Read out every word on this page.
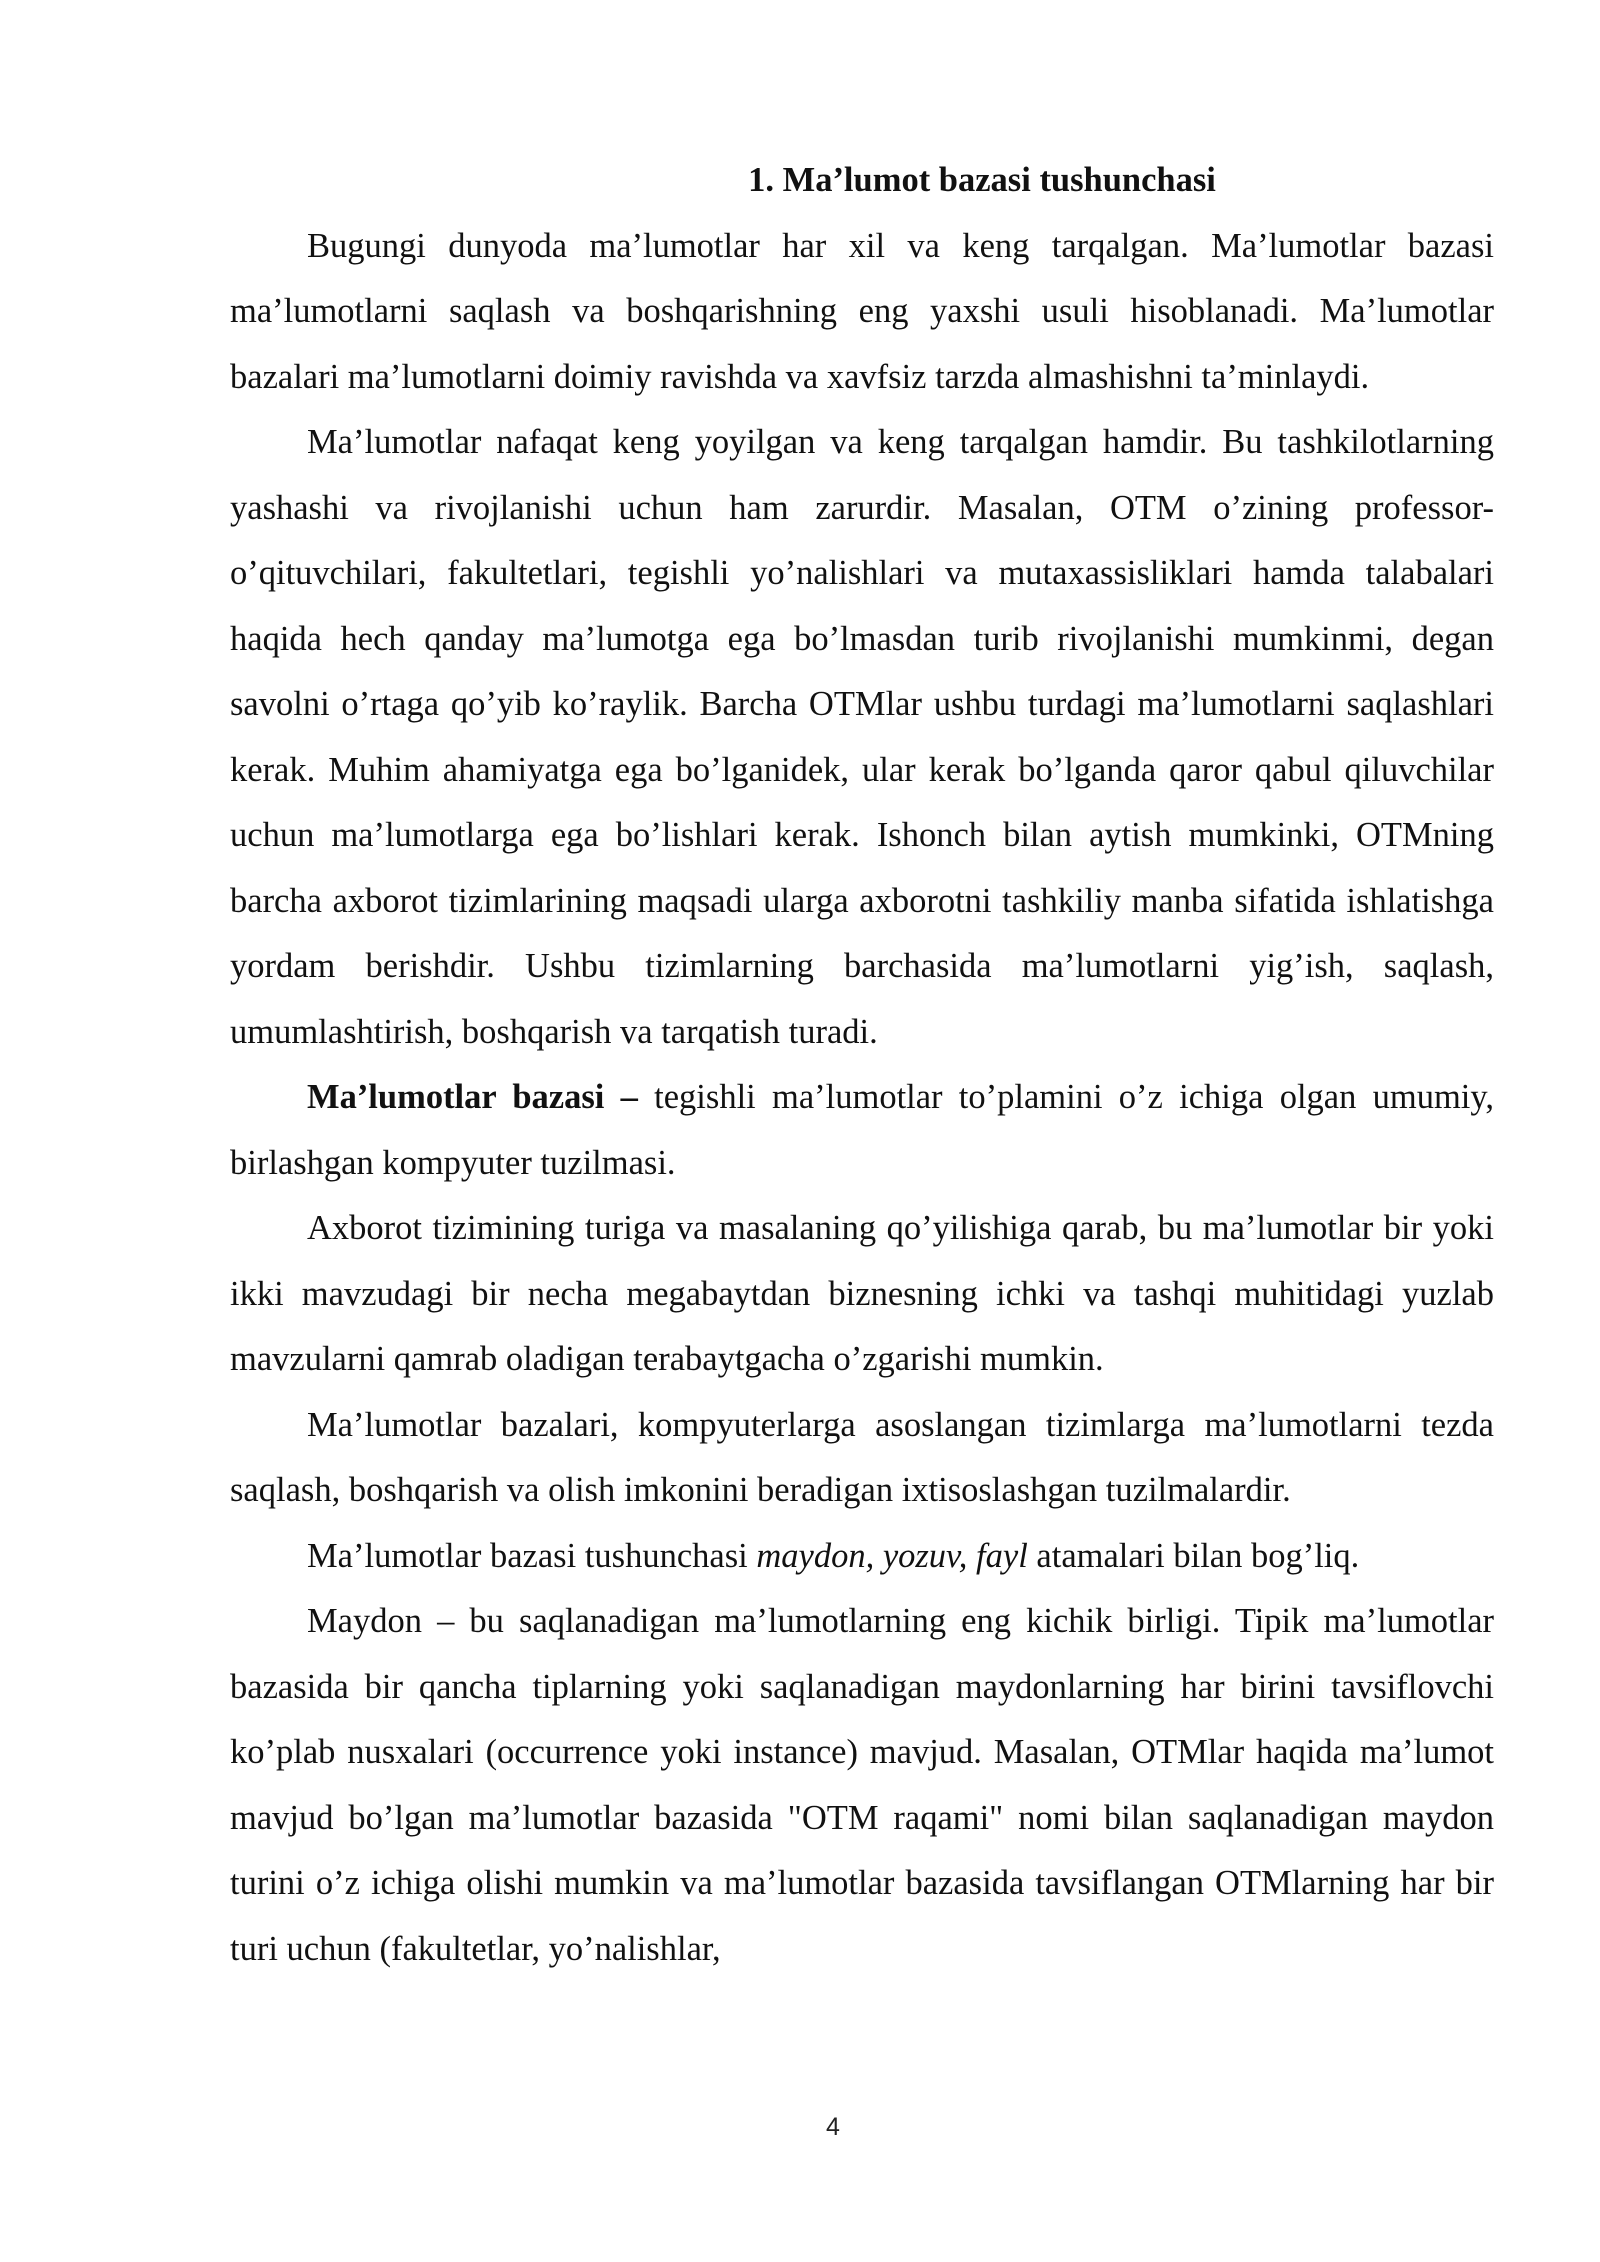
1. Ma’lumot bazasi tushunchasi

Bugungi dunyoda ma’lumotlar har xil va keng tarqalgan. Ma’lumotlar bazasi ma’lumotlarni saqlash va boshqarishning eng yaxshi usuli hisoblanadi. Ma’lumotlar bazalari ma’lumotlarni doimiy ravishda va xavfsiz tarzda almashishni ta’minlaydi.

Ma’lumotlar nafaqat keng yoyilgan va keng tarqalgan hamdir. Bu tashkilotlarning yashashi va rivojlanishi uchun ham zarurdir. Masalan, OTM o’zining professor-o’qituvchilari, fakultetlari, tegishli yo’nalishlari va mutaxassisliklari hamda talabalari haqida hech qanday ma’lumotga ega bo’lmasdan turib rivojlanishi mumkinmi, degan savolni o’rtaga qo’yib ko’raylik. Barcha OTMlar ushbu turdagi ma’lumotlarni saqlashlari kerak. Muhim ahamiyatga ega bo’lganidek, ular kerak bo’lganda qaror qabul qiluvchilar uchun ma’lumotlarga ega bo’lishlari kerak. Ishonch bilan aytish mumkinki, OTMning barcha axborot tizimlarining maqsadi ularga axborotni tashkiliy manba sifatida ishlatishga yordam berishdir. Ushbu tizimlarning barchasida ma’lumotlarni yig’ish, saqlash, umumlashtirish, boshqarish va tarqatish turadi.

Ma’lumotlar bazasi – tegishli ma’lumotlar to’plamini o’z ichiga olgan umumiy, birlashgan kompyuter tuzilmasi.

Axborot tizimining turiga va masalaning qo’yilishiga qarab, bu ma’lumotlar bir yoki ikki mavzudagi bir necha megabaytdan biznesning ichki va tashqi muhitidagi yuzlab mavzularni qamrab oladigan terabaytgacha o’zgarishi mumkin.

Ma’lumotlar bazalari, kompyuterlarga asoslangan tizimlarga ma’lumotlarni tezda saqlash, boshqarish va olish imkonini beradigan ixtisoslashgan tuzilmalardir.

Ma’lumotlar bazasi tushunchasi maydon, yozuv, fayl atamalari bilan bog’liq.

Maydon – bu saqlanadigan ma’lumotlarning eng kichik birligi. Tipik ma’lumotlar bazasida bir qancha tiplarning yoki saqlanadigan maydonlarning har birini tavsiflovchi ko’plab nusxalari (occurrence yoki instance) mavjud. Masalan, OTMlar haqida ma’lumot mavjud bo’lgan ma’lumotlar bazasida "OTM raqami" nomi bilan saqlanadigan maydon turini o’z ichiga olishi mumkin va ma’lumotlar bazasida tavsiflangan OTMlarning har bir turi uchun (fakultetlar, yo’nalishlar,

4
